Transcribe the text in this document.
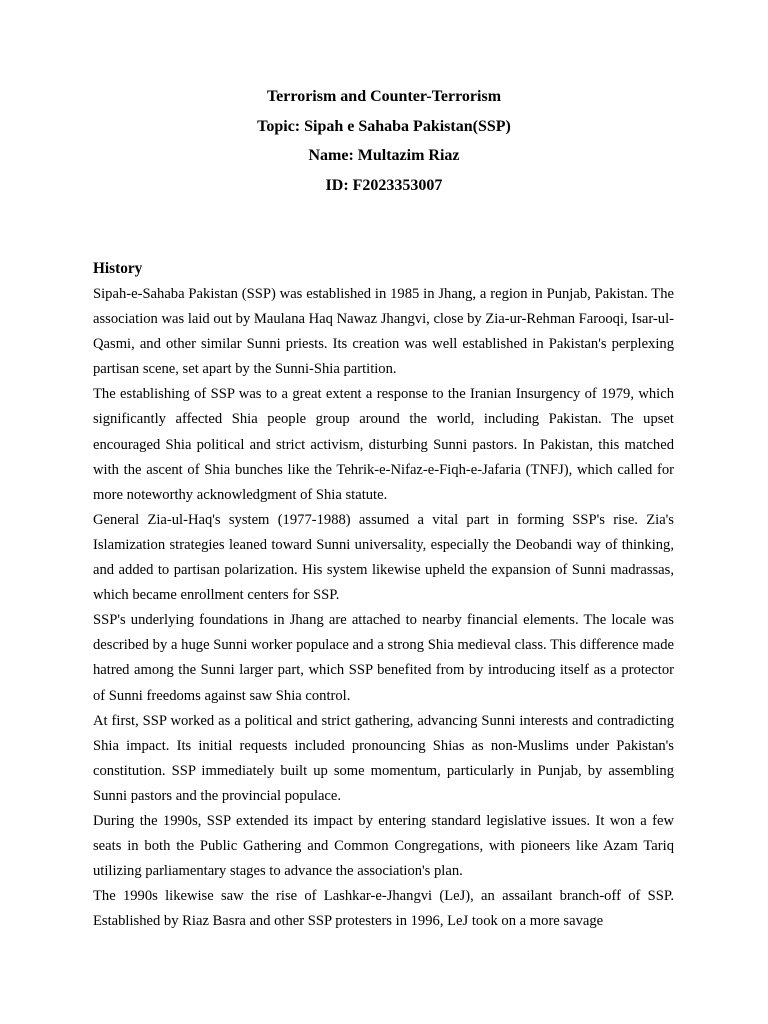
Terrorism and Counter-Terrorism
Topic: Sipah e Sahaba Pakistan(SSP)
Name: Multazim Riaz
ID: F2023353007
History

Sipah-e-Sahaba Pakistan (SSP) was established in 1985 in Jhang, a region in Punjab, Pakistan. The association was laid out by Maulana Haq Nawaz Jhangvi, close by Zia-ur-Rehman Farooqi, Isar-ul-Qasmi, and other similar Sunni priests. Its creation was well established in Pakistan's perplexing partisan scene, set apart by the Sunni-Shia partition.

The establishing of SSP was to a great extent a response to the Iranian Insurgency of 1979, which significantly affected Shia people group around the world, including Pakistan. The upset encouraged Shia political and strict activism, disturbing Sunni pastors. In Pakistan, this matched with the ascent of Shia bunches like the Tehrik-e-Nifaz-e-Fiqh-e-Jafaria (TNFJ), which called for more noteworthy acknowledgment of Shia statute.

General Zia-ul-Haq's system (1977-1988) assumed a vital part in forming SSP's rise. Zia's Islamization strategies leaned toward Sunni universality, especially the Deobandi way of thinking, and added to partisan polarization. His system likewise upheld the expansion of Sunni madrassas, which became enrollment centers for SSP.

SSP's underlying foundations in Jhang are attached to nearby financial elements. The locale was described by a huge Sunni worker populace and a strong Shia medieval class. This difference made hatred among the Sunni larger part, which SSP benefited from by introducing itself as a protector of Sunni freedoms against saw Shia control.

At first, SSP worked as a political and strict gathering, advancing Sunni interests and contradicting Shia impact. Its initial requests included pronouncing Shias as non-Muslims under Pakistan's constitution. SSP immediately built up some momentum, particularly in Punjab, by assembling Sunni pastors and the provincial populace.

During the 1990s, SSP extended its impact by entering standard legislative issues. It won a few seats in both the Public Gathering and Common Congregations, with pioneers like Azam Tariq utilizing parliamentary stages to advance the association's plan.

The 1990s likewise saw the rise of Lashkar-e-Jhangvi (LeJ), an assailant branch-off of SSP. Established by Riaz Basra and other SSP protesters in 1996, LeJ took on a more savage
